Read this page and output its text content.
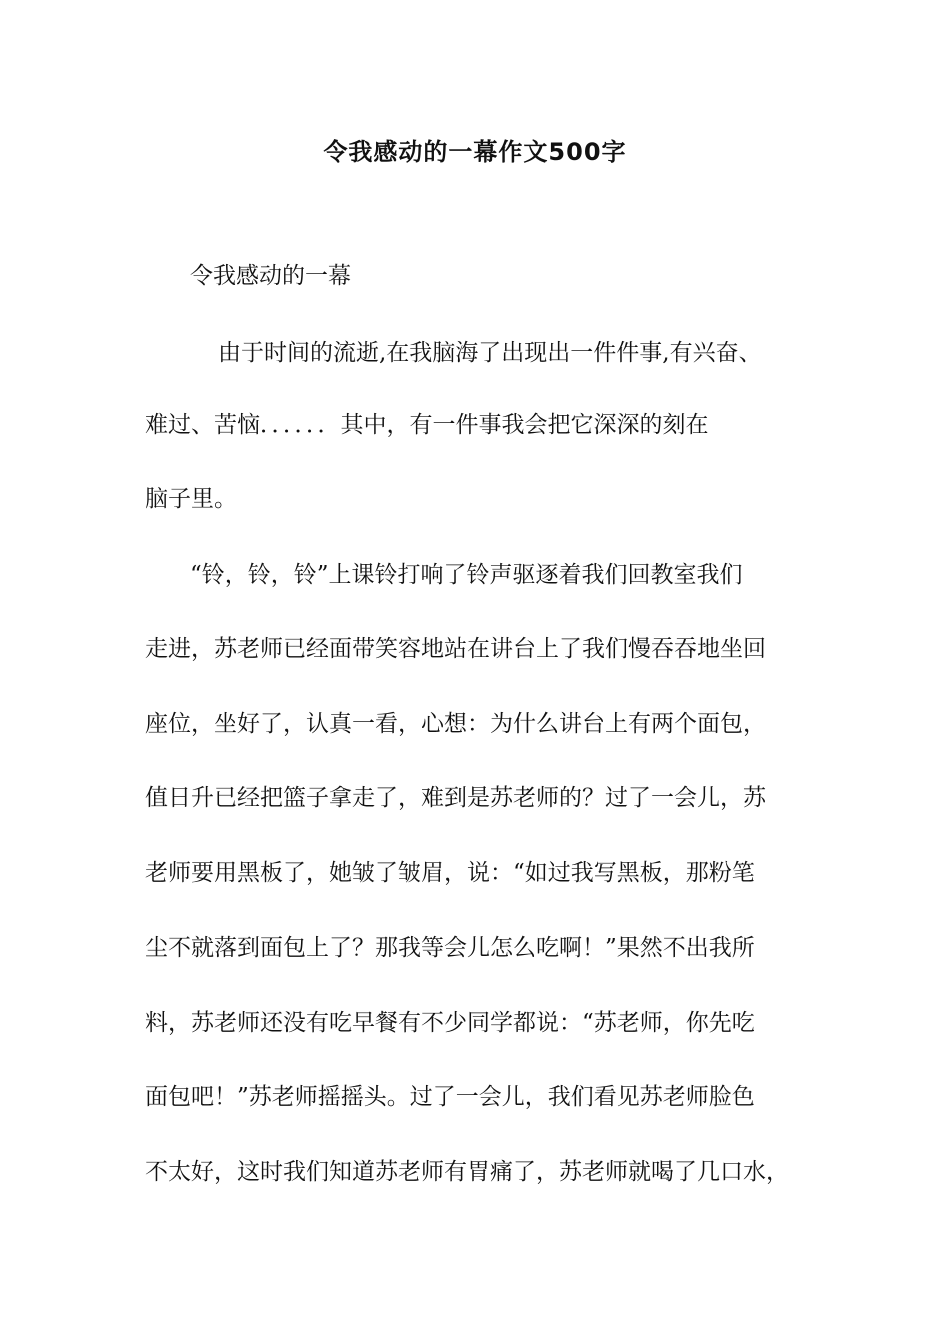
令我感动的一幕作文500字

令我感动的一幕

由于时间的流逝,在我脑海了出现出一件件事,有兴奋、

难过、苦恼．．．．．．其中，有一件事我会把它深深的刻在

脑子里。

“铃，铃，铃”上课铃打响了铃声驱逐着我们回教室我们

走进，苏老师已经面带笑容地站在讲台上了我们慢吞吞地坐回

座位，坐好了，认真一看，心想：为什么讲台上有两个面包，

值日升已经把篮子拿走了，难到是苏老师的？过了一会儿，苏

老师要用黑板了，她皱了皱眉，说：“如过我写黑板，那粉笔

尘不就落到面包上了？那我等会儿怎么吃啊！”果然不出我所

料，苏老师还没有吃早餐有不少同学都说：“苏老师，你先吃

面包吧！”苏老师摇摇头。过了一会儿，我们看见苏老师脸色

不太好，这时我们知道苏老师有胃痛了，苏老师就喝了几口水，
